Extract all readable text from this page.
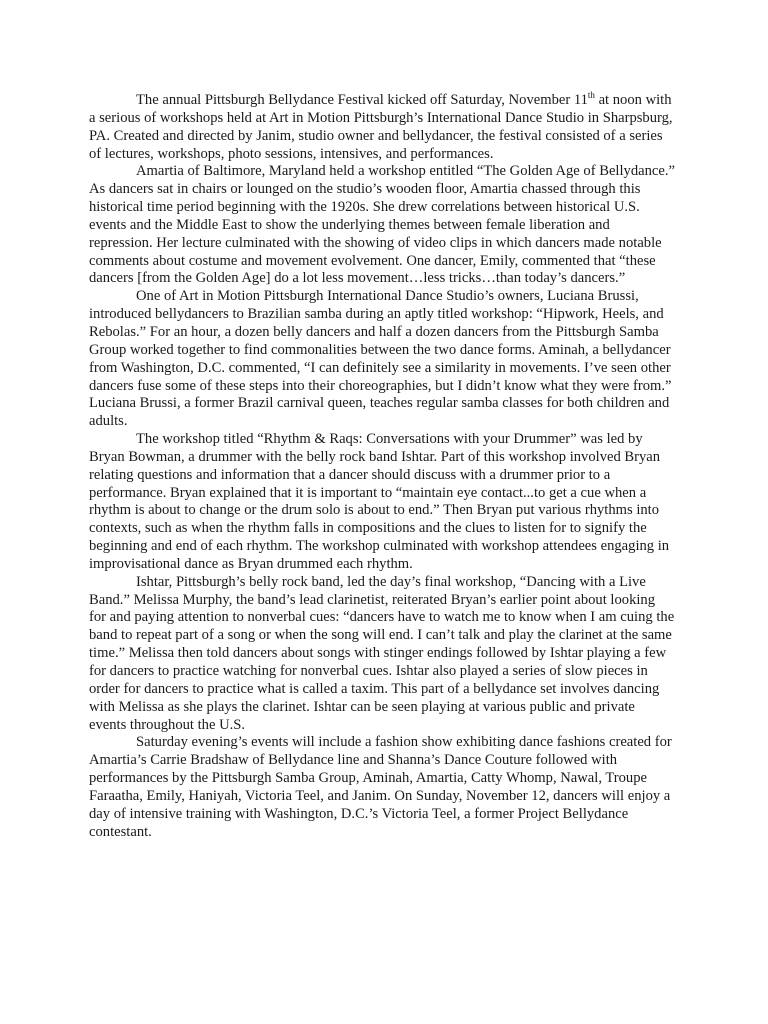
The annual Pittsburgh Bellydance Festival kicked off Saturday, November 11th at noon with a serious of workshops held at Art in Motion Pittsburgh’s International Dance Studio in Sharpsburg, PA. Created and directed by Janim, studio owner and bellydancer, the festival consisted of a series of lectures, workshops, photo sessions, intensives, and performances.

Amartia of Baltimore, Maryland held a workshop entitled “The Golden Age of Bellydance.” As dancers sat in chairs or lounged on the studio’s wooden floor, Amartia chassed through this historical time period beginning with the 1920s. She drew correlations between historical U.S. events and the Middle East to show the underlying themes between female liberation and repression. Her lecture culminated with the showing of video clips in which dancers made notable comments about costume and movement evolvement. One dancer, Emily, commented that “these dancers [from the Golden Age] do a lot less movement…less tricks…than today’s dancers.”

One of Art in Motion Pittsburgh International Dance Studio’s owners, Luciana Brussi, introduced bellydancers to Brazilian samba during an aptly titled workshop: “Hipwork, Heels, and Rebolas.” For an hour, a dozen belly dancers and half a dozen dancers from the Pittsburgh Samba Group worked together to find commonalities between the two dance forms. Aminah, a bellydancer from Washington, D.C. commented, “I can definitely see a similarity in movements. I’ve seen other dancers fuse some of these steps into their choreographies, but I didn’t know what they were from.” Luciana Brussi, a former Brazil carnival queen, teaches regular samba classes for both children and adults.

The workshop titled “Rhythm & Raqs: Conversations with your Drummer” was led by Bryan Bowman, a drummer with the belly rock band Ishtar. Part of this workshop involved Bryan relating questions and information that a dancer should discuss with a drummer prior to a performance. Bryan explained that it is important to “maintain eye contact...to get a cue when a rhythm is about to change or the drum solo is about to end.” Then Bryan put various rhythms into contexts, such as when the rhythm falls in compositions and the clues to listen for to signify the beginning and end of each rhythm. The workshop culminated with workshop attendees engaging in improvisational dance as Bryan drummed each rhythm.

Ishtar, Pittsburgh’s belly rock band, led the day’s final workshop, “Dancing with a Live Band.” Melissa Murphy, the band’s lead clarinetist, reiterated Bryan’s earlier point about looking for and paying attention to nonverbal cues: “dancers have to watch me to know when I am cuing the band to repeat part of a song or when the song will end. I can’t talk and play the clarinet at the same time.” Melissa then told dancers about songs with stinger endings followed by Ishtar playing a few for dancers to practice watching for nonverbal cues. Ishtar also played a series of slow pieces in order for dancers to practice what is called a taxim. This part of a bellydance set involves dancing with Melissa as she plays the clarinet. Ishtar can be seen playing at various public and private events throughout the U.S.

Saturday evening’s events will include a fashion show exhibiting dance fashions created for Amartia’s Carrie Bradshaw of Bellydance line and Shanna’s Dance Couture followed with performances by the Pittsburgh Samba Group, Aminah, Amartia, Catty Whomp, Nawal, Troupe Faraatha, Emily, Haniyah, Victoria Teel, and Janim. On Sunday, November 12, dancers will enjoy a day of intensive training with Washington, D.C.’s Victoria Teel, a former Project Bellydance contestant.
